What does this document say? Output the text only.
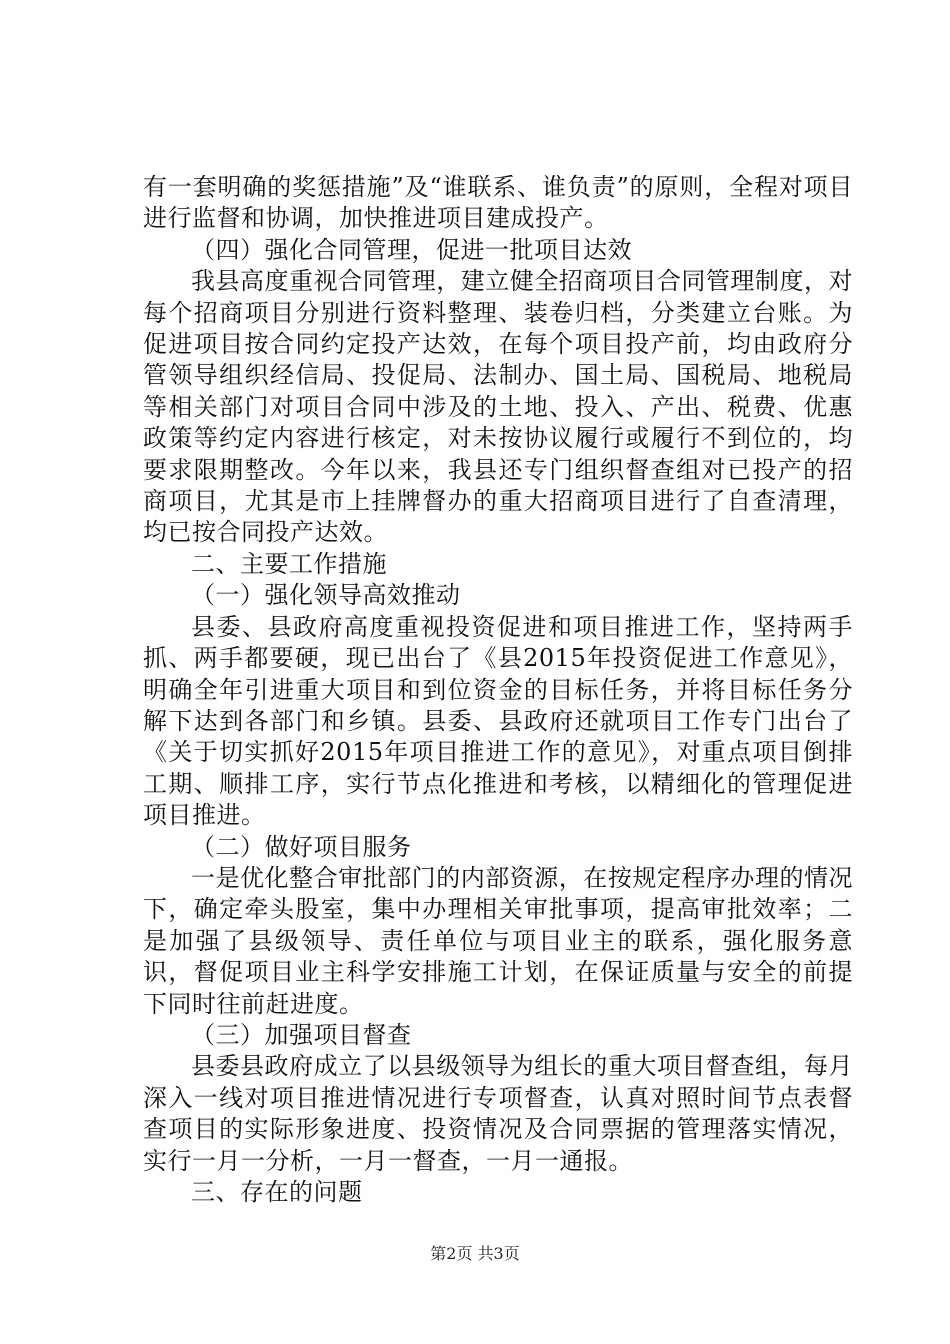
有一套明确的奖惩措施”及“谁联系、谁负责”的原则，全程对项目进行监督和协调，加快推进项目建成投产。

（四）强化合同管理，促进一批项目达效

我县高度重视合同管理，建立健全招商项目合同管理制度，对每个招商项目分别进行资料整理、装卷归档，分类建立台账。为促进项目按合同约定投产达效，在每个项目投产前，均由政府分管领导组织经信局、投促局、法制办、国土局、国税局、地税局等相关部门对项目合同中涉及的土地、投入、产出、税费、优惠政策等约定内容进行核定，对未按协议履行或履行不到位的，均要求限期整改。今年以来，我县还专门组织督查组对已投产的招商项目，尤其是市上挂牌督办的重大招商项目进行了自查清理，均已按合同投产达效。

二、主要工作措施

（一）强化领导高效推动

县委、县政府高度重视投资促进和项目推进工作，坚持两手抓、两手都要硬，现已出台了《县2015年投资促进工作意见》，明确全年引进重大项目和到位资金的目标任务，并将目标任务分解下达到各部门和乡镇。县委、县政府还就项目工作专门出台了《关于切实抓好2015年项目推进工作的意见》，对重点项目倒排工期、顺排工序，实行节点化推进和考核，以精细化的管理促进项目推进。

（二）做好项目服务

一是优化整合审批部门的内部资源，在按规定程序办理的情况下，确定牵头股室，集中办理相关审批事项，提高审批效率；二是加强了县级领导、责任单位与项目业主的联系，强化服务意识，督促项目业主科学安排施工计划，在保证质量与安全的前提下同时往前赶进度。

（三）加强项目督查

县委县政府成立了以县级领导为组长的重大项目督查组，每月深入一线对项目推进情况进行专项督查，认真对照时间节点表督查项目的实际形象进度、投资情况及合同票据的管理落实情况，实行一月一分析，一月一督查，一月一通报。

三、存在的问题

第2页 共3页
